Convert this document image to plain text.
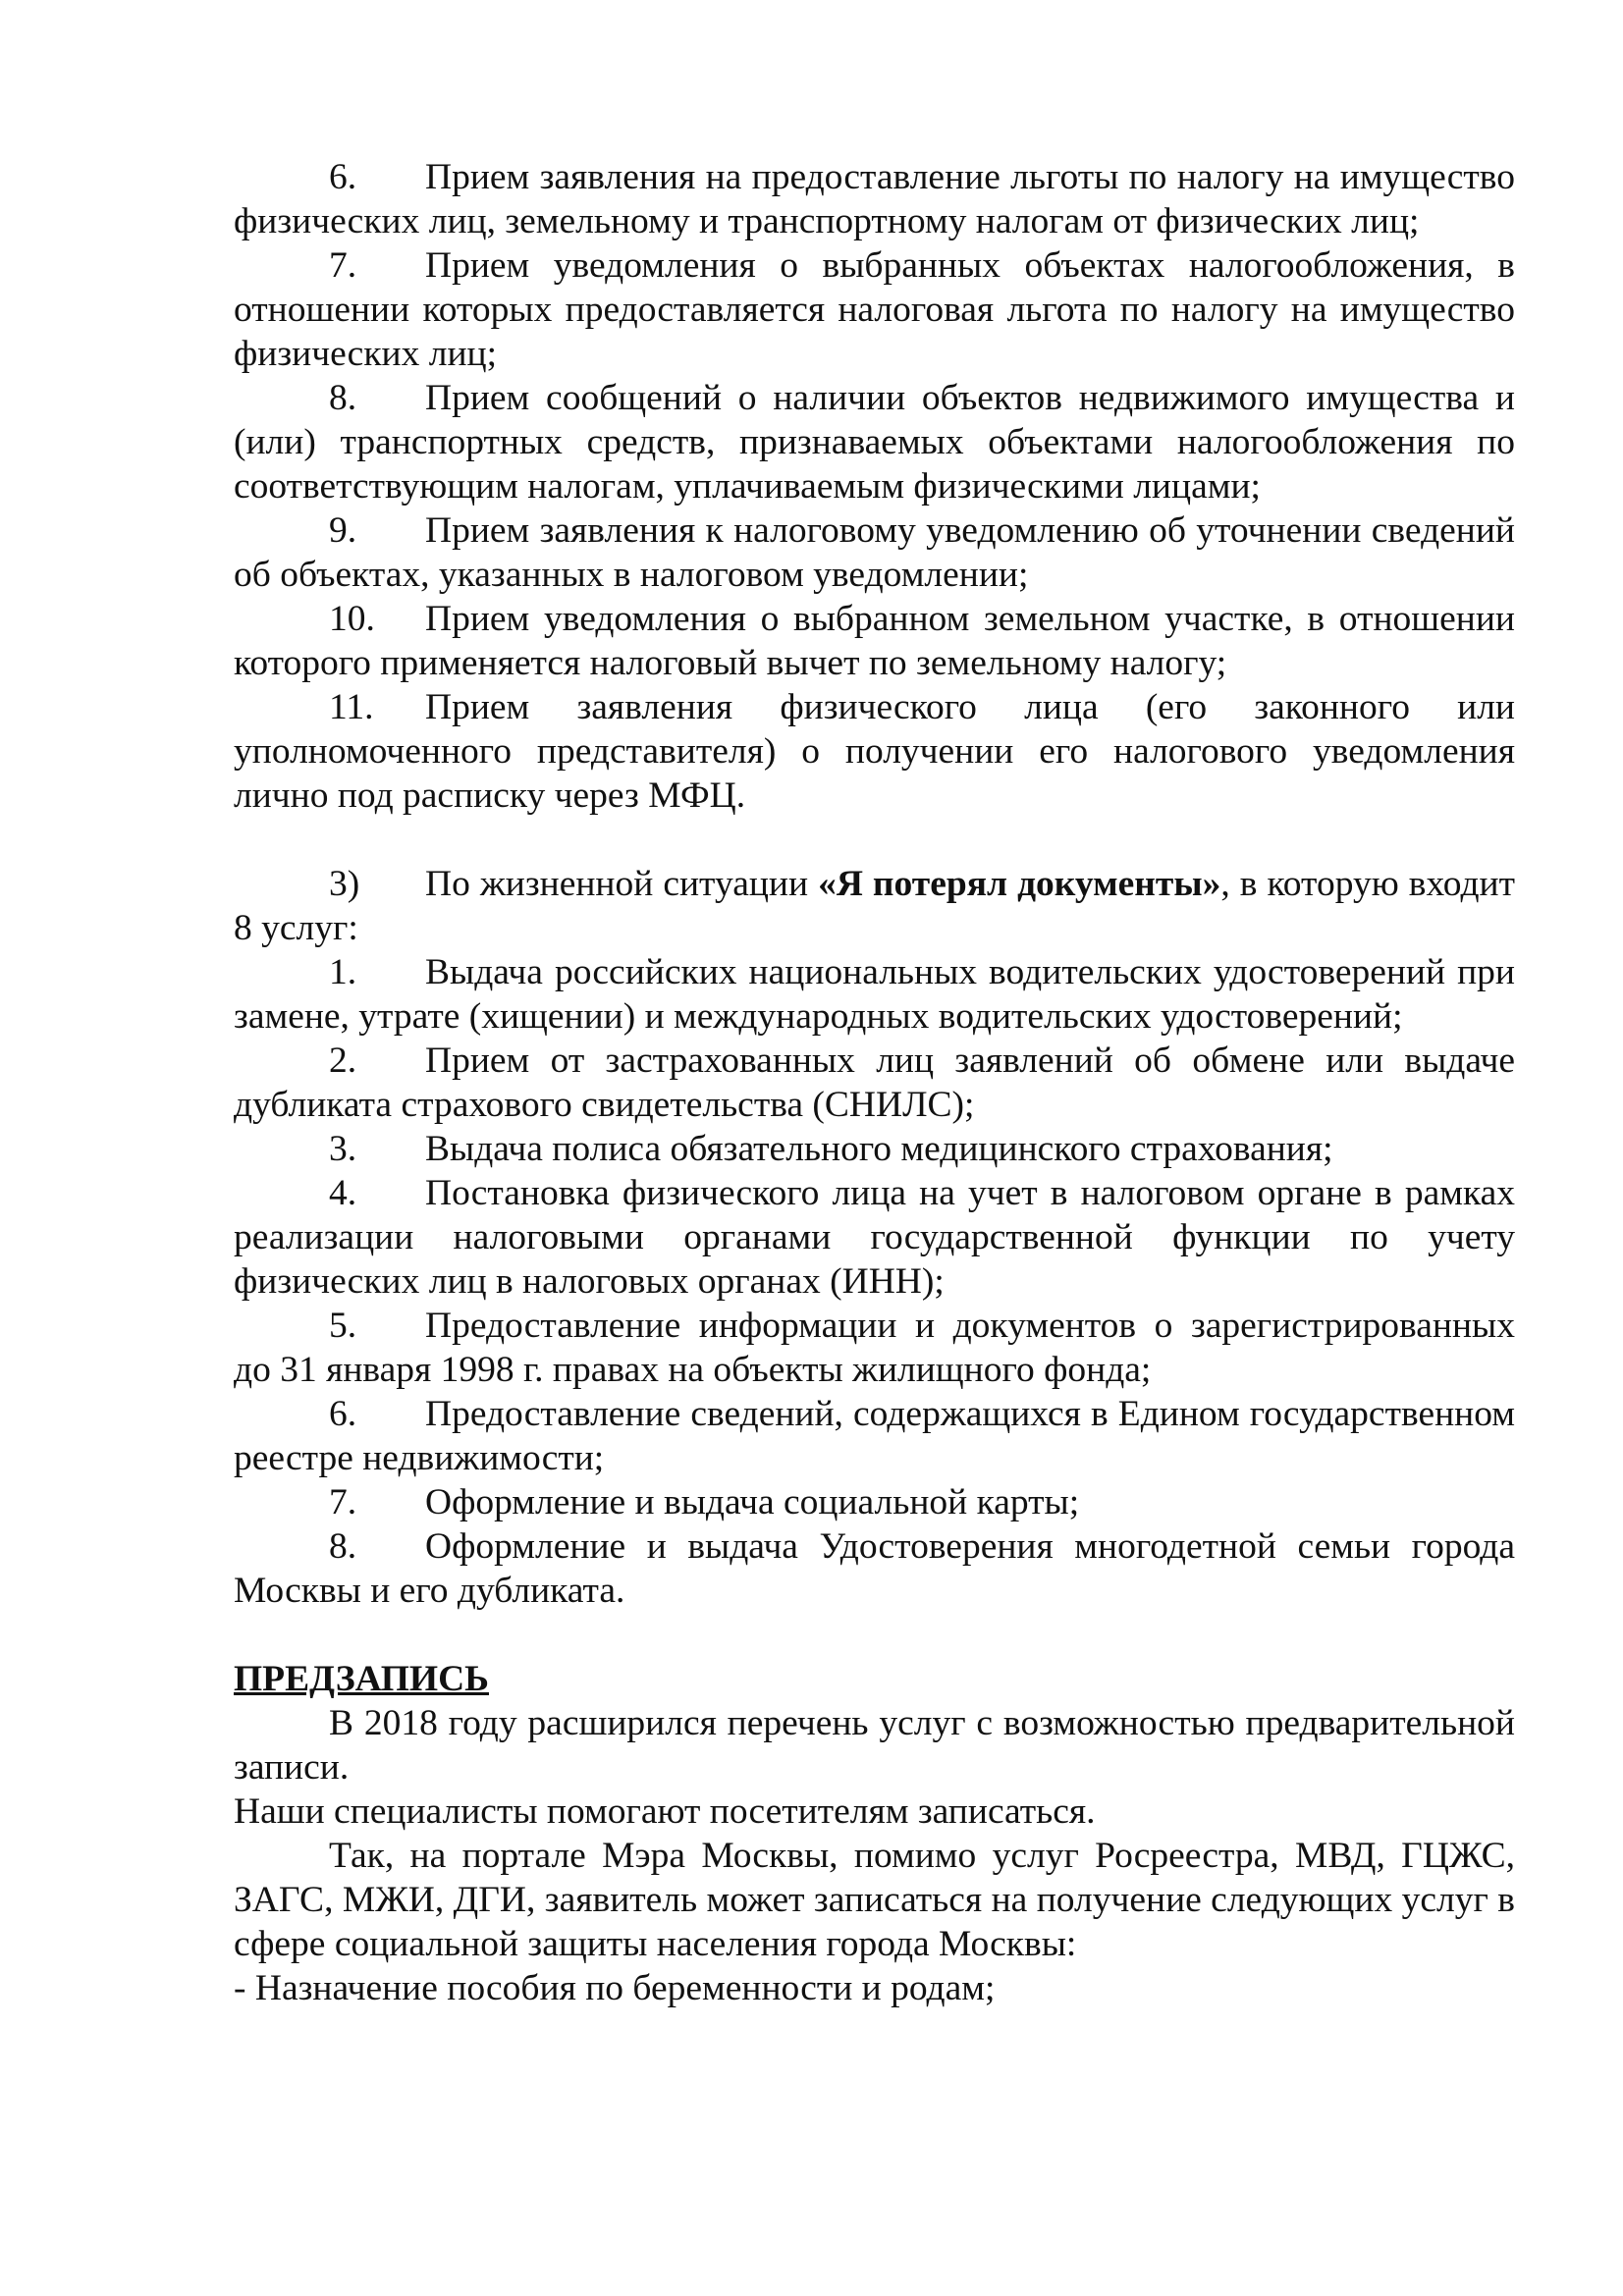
6. Прием заявления на предоставление льготы по налогу на имущество физических лиц, земельному и транспортному налогам от физических лиц;

7. Прием уведомления о выбранных объектах налогообложения, в отношении которых предоставляется налоговая льгота по налогу на имущество физических лиц;

8. Прием сообщений о наличии объектов недвижимого имущества и (или) транспортных средств, признаваемых объектами налогообложения по соответствующим налогам, уплачиваемым физическими лицами;

9. Прием заявления к налоговому уведомлению об уточнении сведений об объектах, указанных в налоговом уведомлении;

10. Прием уведомления о выбранном земельном участке, в отношении которого применяется налоговый вычет по земельному налогу;

11. Прием заявления физического лица (его законного или уполномоченного представителя) о получении его налогового уведомления лично под расписку через МФЦ.

3) По жизненной ситуации «Я потерял документы», в которую входит 8 услуг:

1. Выдача российских национальных водительских удостоверений при замене, утрате (хищении) и международных водительских удостоверений;

2. Прием от застрахованных лиц заявлений об обмене или выдаче дубликата страхового свидетельства (СНИЛС);

3. Выдача полиса обязательного медицинского страхования;

4. Постановка физического лица на учет в налоговом органе в рамках реализации налоговыми органами государственной функции по учету физических лиц в налоговых органах (ИНН);

5. Предоставление информации и документов о зарегистрированных до 31 января 1998 г. правах на объекты жилищного фонда;

6. Предоставление сведений, содержащихся в Едином государственном реестре недвижимости;

7. Оформление и выдача социальной карты;

8. Оформление и выдача Удостоверения многодетной семьи города Москвы и его дубликата.

ПРЕДЗАПИСЬ

В 2018 году расширился перечень услуг с возможностью предварительной записи.

Наши специалисты помогают посетителям записаться.

Так, на портале Мэра Москвы, помимо услуг Росреестра, МВД, ГЦЖС, ЗАГС, МЖИ, ДГИ, заявитель может записаться на получение следующих услуг в сфере социальной защиты населения города Москвы:

- Назначение пособия по беременности и родам;
